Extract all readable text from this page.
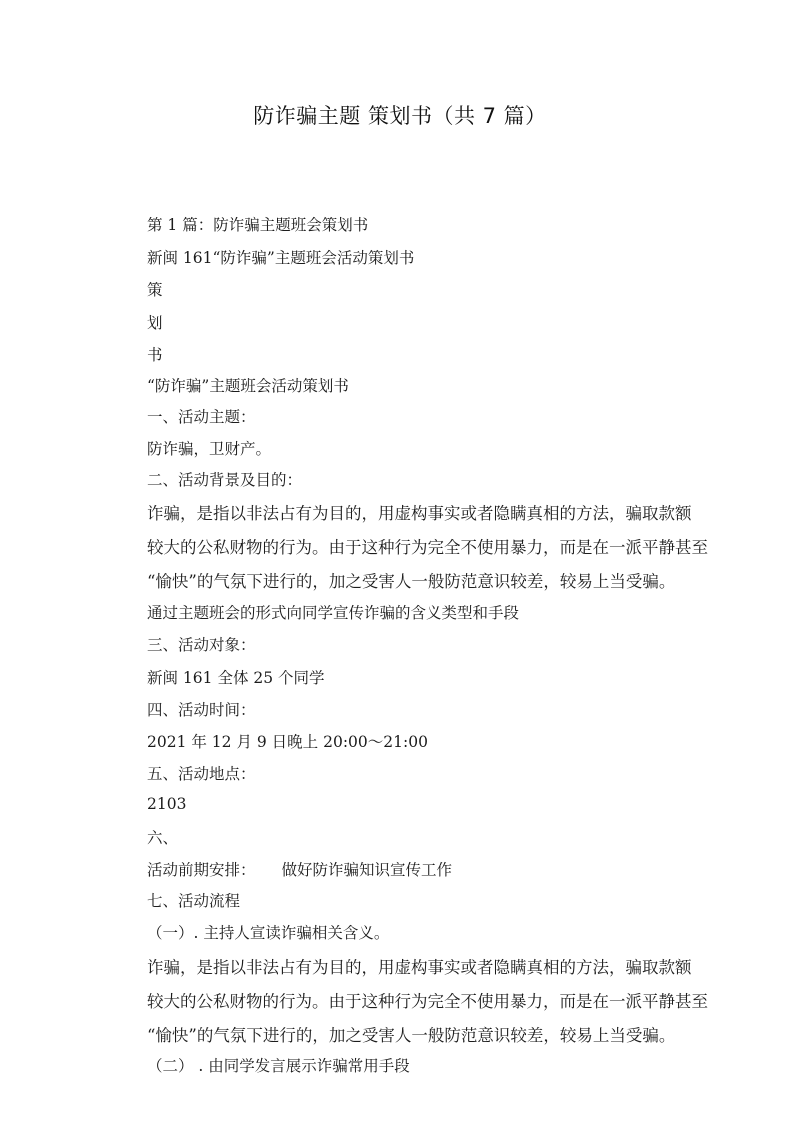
防诈骗主题 策划书（共 7 篇）
第 1 篇：防诈骗主题班会策划书
新闽 161“防诈骗”主题班会活动策划书
策
划
书
“防诈骗”主题班会活动策划书
一、活动主题：
防诈骗，卫财产。
二、活动背景及目的：
诈骗，是指以非法占有为目的，用虚构事实或者隐瞒真相的方法，骗取款额
较大的公私财物的行为。由于这种行为完全不使用暴力，而是在一派平静甚至
“愉快”的气氛下进行的，加之受害人一般防范意识较差，较易上当受骗。
通过主题班会的形式向同学宣传诈骗的含义类型和手段
三、活动对象：
新闽 161 全体 25 个同学
四、活动时间：
2021 年 12 月 9 日晚上 20:00～21:00
五、活动地点：
2103
六、
活动前期安排： 做好防诈骗知识宣传工作
七、活动流程
（一）. 主持人宣读诈骗相关含义。
诈骗，是指以非法占有为目的，用虚构事实或者隐瞒真相的方法，骗取款额
较大的公私财物的行为。由于这种行为完全不使用暴力，而是在一派平静甚至
“愉快”的气氛下进行的，加之受害人一般防范意识较差，较易上当受骗。
（二） . 由同学发言展示诈骗常用手段
